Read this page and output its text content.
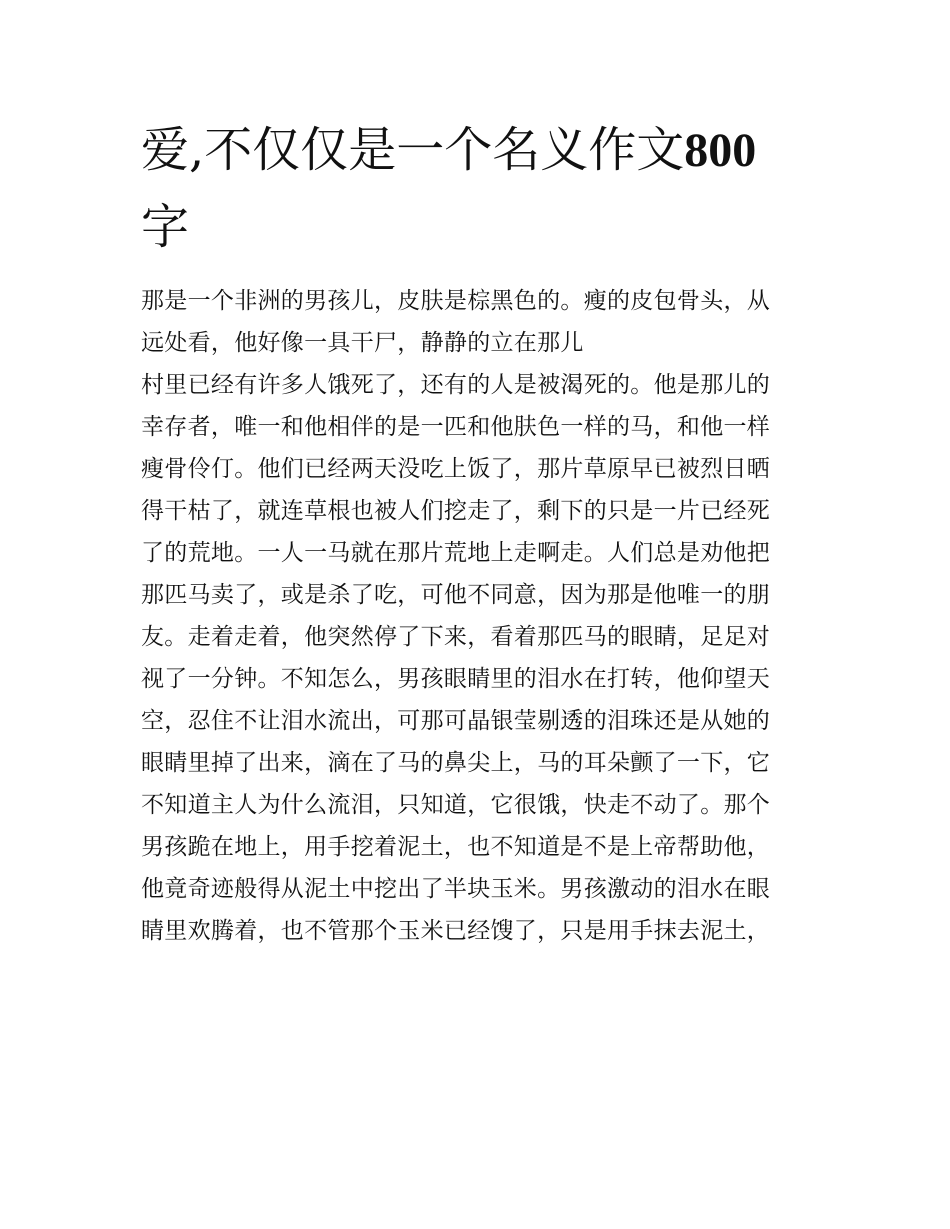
爱,不仅仅是一个名义作文800
字

那是一个非洲的男孩儿，皮肤是棕黑色的。瘦的皮包骨头，从
远处看，他好像一具干尸，静静的立在那儿

村里已经有许多人饿死了，还有的人是被渴死的。他是那儿的
幸存者，唯一和他相伴的是一匹和他肤色一样的马，和他一样
瘦骨伶仃。他们已经两天没吃上饭了，那片草原早已被烈日晒
得干枯了，就连草根也被人们挖走了，剩下的只是一片已经死
了的荒地。一人一马就在那片荒地上走啊走。人们总是劝他把
那匹马卖了，或是杀了吃，可他不同意，因为那是他唯一的朋
友。走着走着，他突然停了下来，看着那匹马的眼睛，足足对
视了一分钟。不知怎么，男孩眼睛里的泪水在打转，他仰望天
空，忍住不让泪水流出，可那可晶银莹剔透的泪珠还是从她的
眼睛里掉了出来，滴在了马的鼻尖上，马的耳朵颤了一下，它
不知道主人为什么流泪，只知道，它很饿，快走不动了。那个
男孩跪在地上，用手挖着泥土，也不知道是不是上帝帮助他，
他竟奇迹般得从泥土中挖出了半块玉米。男孩激动的泪水在眼
睛里欢腾着，也不管那个玉米已经馊了，只是用手抹去泥土，
